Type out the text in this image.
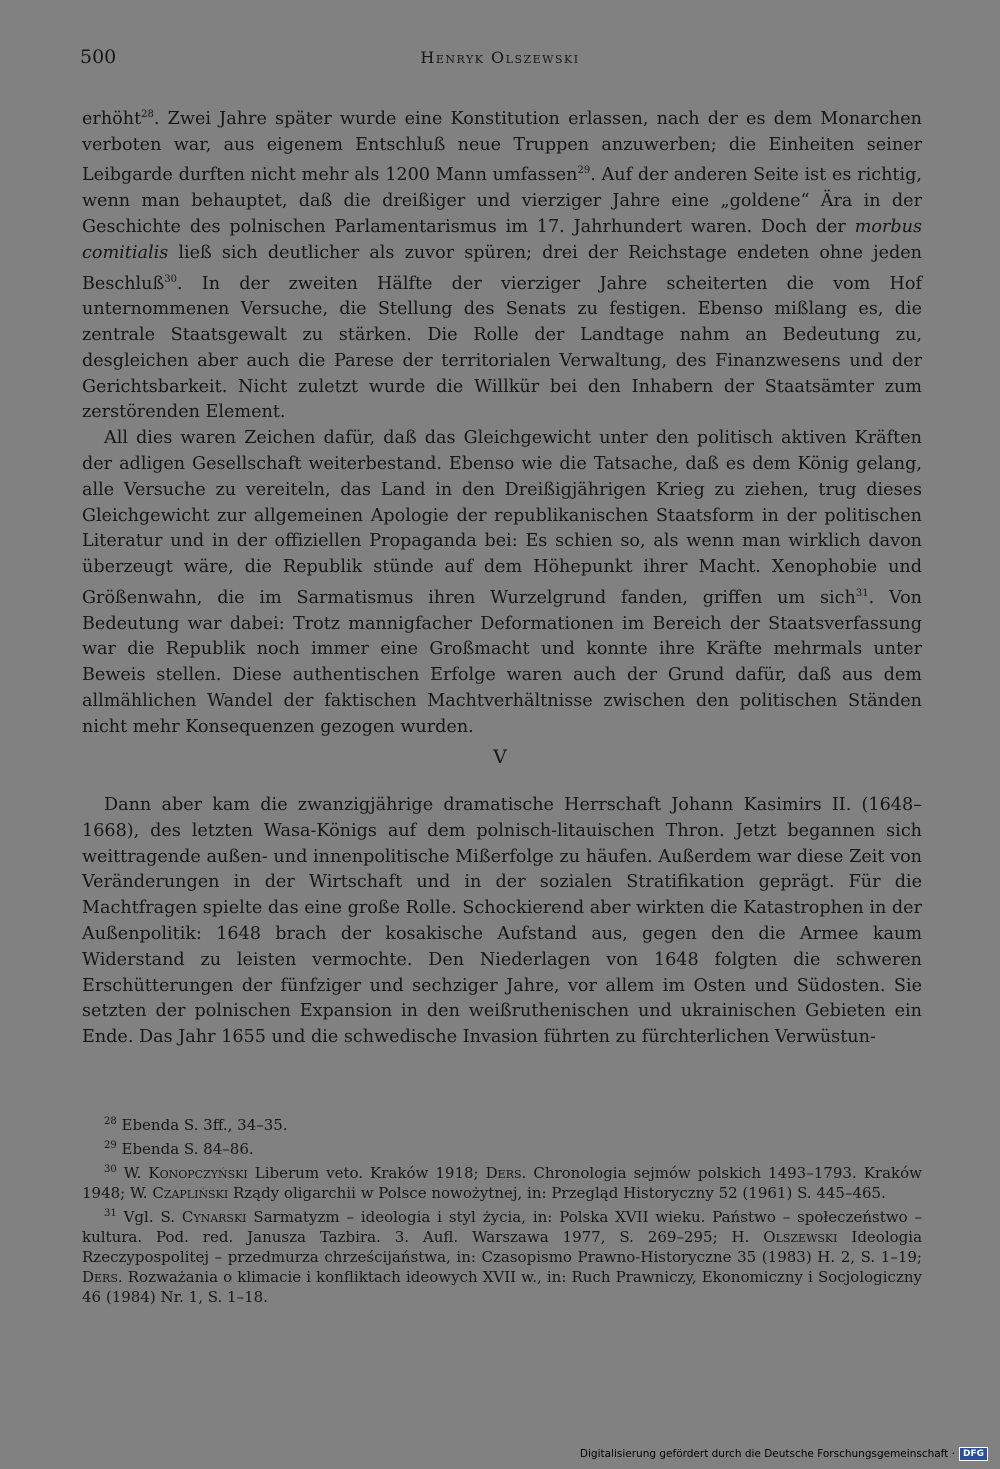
500	Henryk Olszewski

erhöht$^{28}$. Zwei Jahre später wurde eine Konstitution erlassen, nach der es dem Monarchen verboten war, aus eigenem Entschluß neue Truppen anzuwerben; die Einheiten seiner Leibgarde durften nicht mehr als 1200 Mann umfassen$^{29}$. Auf der anderen Seite ist es richtig, wenn man behauptet, daß die dreißiger und vierziger Jahre eine „goldene“ Ära in der Geschichte des polnischen Parlamentarismus im 17. Jahrhundert waren. Doch der morbus comitialis ließ sich deutlicher als zuvor spüren; drei der Reichstage endeten ohne jeden Beschluß$^{30}$. In der zweiten Hälfte der vierziger Jahre scheiterten die vom Hof unternommenen Versuche, die Stellung des Senats zu festigen. Ebenso mißlang es, die zentrale Staatsgewalt zu stärken. Die Rolle der Landtage nahm an Bedeutung zu, desgleichen aber auch die Parese der territorialen Verwaltung, des Finanzwesens und der Gerichtsbarkeit. Nicht zuletzt wurde die Willkür bei den Inhabern der Staatsämter zum zerstörenden Element.

All dies waren Zeichen dafür, daß das Gleichgewicht unter den politisch aktiven Kräften der adligen Gesellschaft weiterbestand. Ebenso wie die Tatsache, daß es dem König gelang, alle Versuche zu vereiteln, das Land in den Dreißigjährigen Krieg zu ziehen, trug dieses Gleichgewicht zur allgemeinen Apologie der republikanischen Staatsform in der politischen Literatur und in der offiziellen Propaganda bei: Es schien so, als wenn man wirklich davon überzeugt wäre, die Republik stünde auf dem Höhepunkt ihrer Macht. Xenophobie und Größenwahn, die im Sarmatismus ihren Wurzelgrund fanden, griffen um sich$^{31}$. Von Bedeutung war dabei: Trotz mannigfacher Deformationen im Bereich der Staatsverfassung war die Republik noch immer eine Großmacht und konnte ihre Kräfte mehrmals unter Beweis stellen. Diese authentischen Erfolge waren auch der Grund dafür, daß aus dem allmählichen Wandel der faktischen Machtverhältnisse zwischen den politischen Ständen nicht mehr Konsequenzen gezogen wurden.

V

Dann aber kam die zwanzigjährige dramatische Herrschaft Johann Kasimirs II. (1648–1668), des letzten Wasa-Königs auf dem polnisch-litauischen Thron. Jetzt begannen sich weittragende außen- und innenpolitische Mißerfolge zu häufen. Außerdem war diese Zeit von Veränderungen in der Wirtschaft und in der sozialen Stratifikation geprägt. Für die Machtfragen spielte das eine große Rolle. Schockierend aber wirkten die Katastrophen in der Außenpolitik: 1648 brach der kosakische Aufstand aus, gegen den die Armee kaum Widerstand zu leisten vermochte. Den Niederlagen von 1648 folgten die schweren Erschütterungen der fünfziger und sechziger Jahre, vor allem im Osten und Südosten. Sie setzten der polnischen Expansion in den weißruthenischen und ukrainischen Gebieten ein Ende. Das Jahr 1655 und die schwedische Invasion führten zu fürchterlichen Verwüstun-

$^{28}$ Ebenda S. 3ff., 34–35.

$^{29}$ Ebenda S. 84–86.

$^{30}$ W. Konopczyński Liberum veto. Kraków 1918; Ders. Chronologia sejmów polskich 1493–1793. Kraków 1948; W. Czapliński Rządy oligarchii w Polsce nowożytnej, in: Przegląd Historyczny 52 (1961) S. 445–465.

$^{31}$ Vgl. S. Cynarski Sarmatyzm – ideologia i styl życia, in: Polska XVII wieku. Państwo – społeczeństwo – kultura. Pod. red. Janusza Tazbira. 3. Aufl. Warszawa 1977, S. 269–295; H. Olszewski Ideologia Rzeczypospolitej – przedmurza chrześcijaństwa, in: Czasopismo Prawno-Historyczne 35 (1983) H. 2, S. 1–19; Ders. Rozważania o klimacie i konfliktach ideowych XVII w., in: Ruch Prawniczy, Ekonomiczny i Socjologiczny 46 (1984) Nr. 1, S. 1–18.

Digitalisierung gefördert durch die Deutsche Forschungsgemeinschaft · DFG
